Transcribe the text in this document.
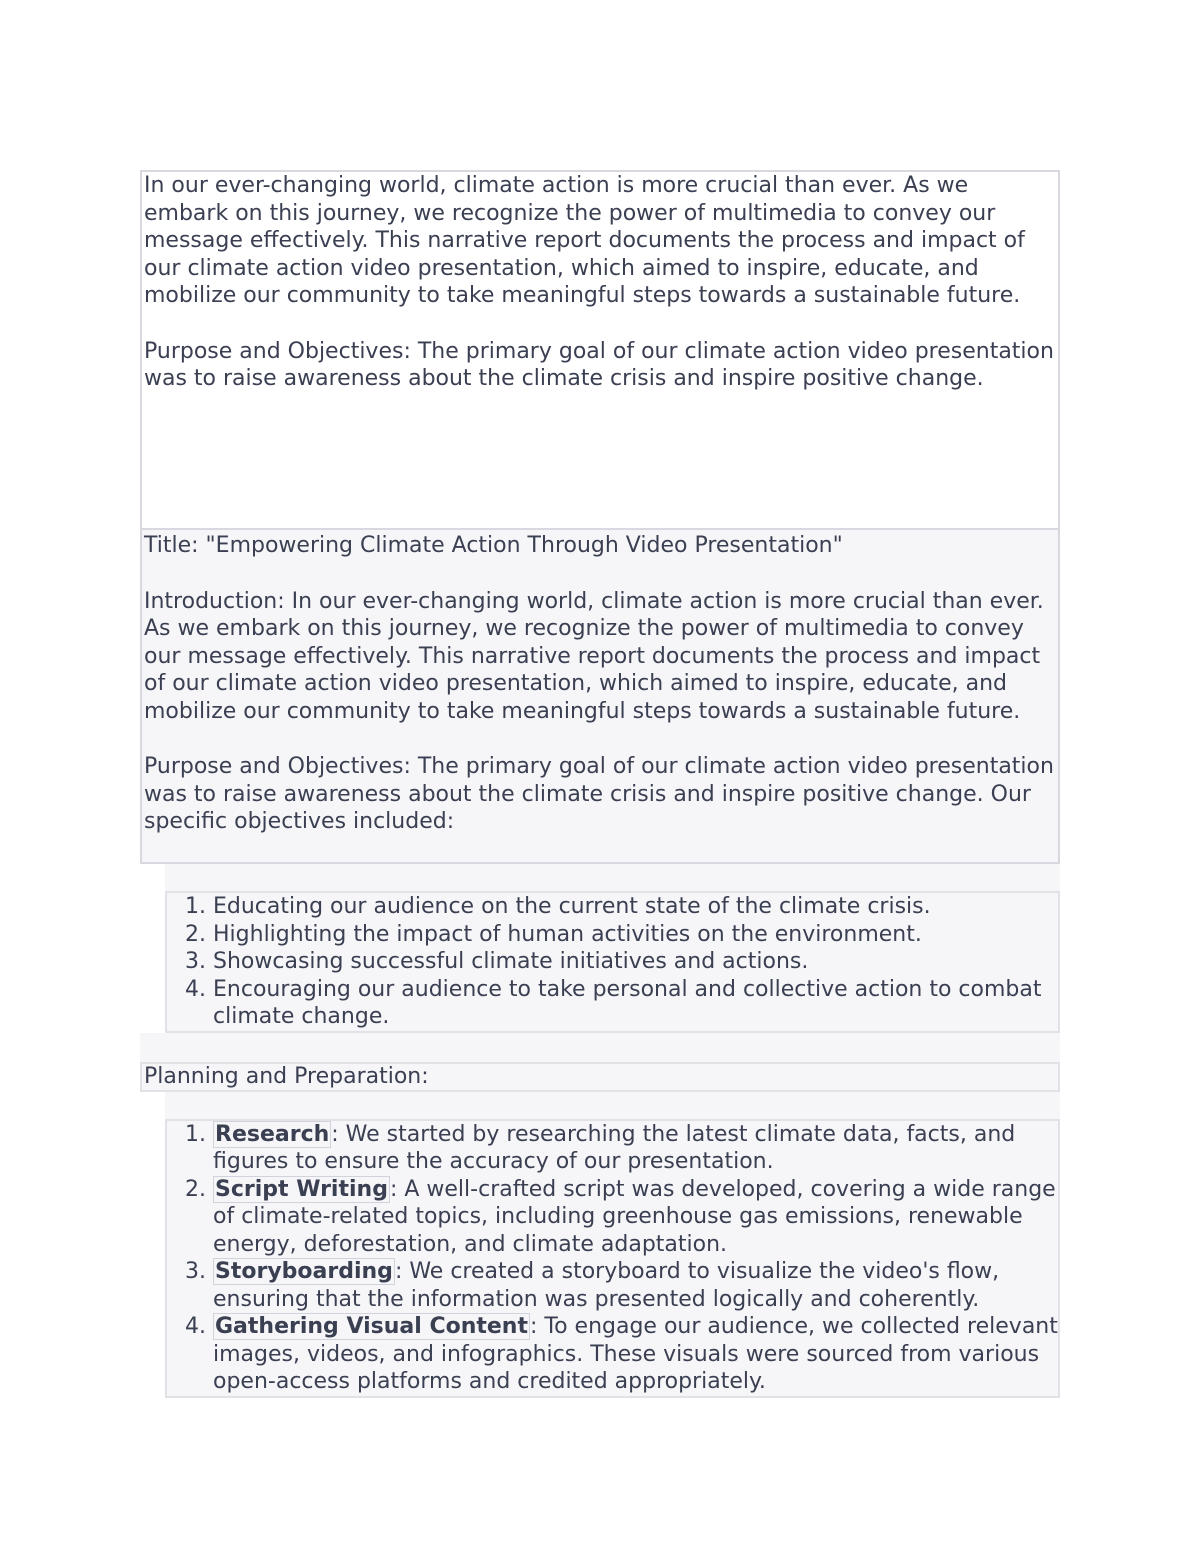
In our ever-changing world, climate action is more crucial than ever. As we embark on this journey, we recognize the power of multimedia to convey our message effectively. This narrative report documents the process and impact of our climate action video presentation, which aimed to inspire, educate, and mobilize our community to take meaningful steps towards a sustainable future.

Purpose and Objectives: The primary goal of our climate action video presentation was to raise awareness about the climate crisis and inspire positive change.

Title: "Empowering Climate Action Through Video Presentation"

Introduction: In our ever-changing world, climate action is more crucial than ever. As we embark on this journey, we recognize the power of multimedia to convey our message effectively. This narrative report documents the process and impact of our climate action video presentation, which aimed to inspire, educate, and mobilize our community to take meaningful steps towards a sustainable future.

Purpose and Objectives: The primary goal of our climate action video presentation was to raise awareness about the climate crisis and inspire positive change. Our specific objectives included:

1. Educating our audience on the current state of the climate crisis.
2. Highlighting the impact of human activities on the environment.
3. Showcasing successful climate initiatives and actions.
4. Encouraging our audience to take personal and collective action to combat climate change.
Planning and Preparation:
1. Research: We started by researching the latest climate data, facts, and figures to ensure the accuracy of our presentation.
2. Script Writing: A well-crafted script was developed, covering a wide range of climate-related topics, including greenhouse gas emissions, renewable energy, deforestation, and climate adaptation.
3. Storyboarding: We created a storyboard to visualize the video's flow, ensuring that the information was presented logically and coherently.
4. Gathering Visual Content: To engage our audience, we collected relevant images, videos, and infographics. These visuals were sourced from various open-access platforms and credited appropriately.
